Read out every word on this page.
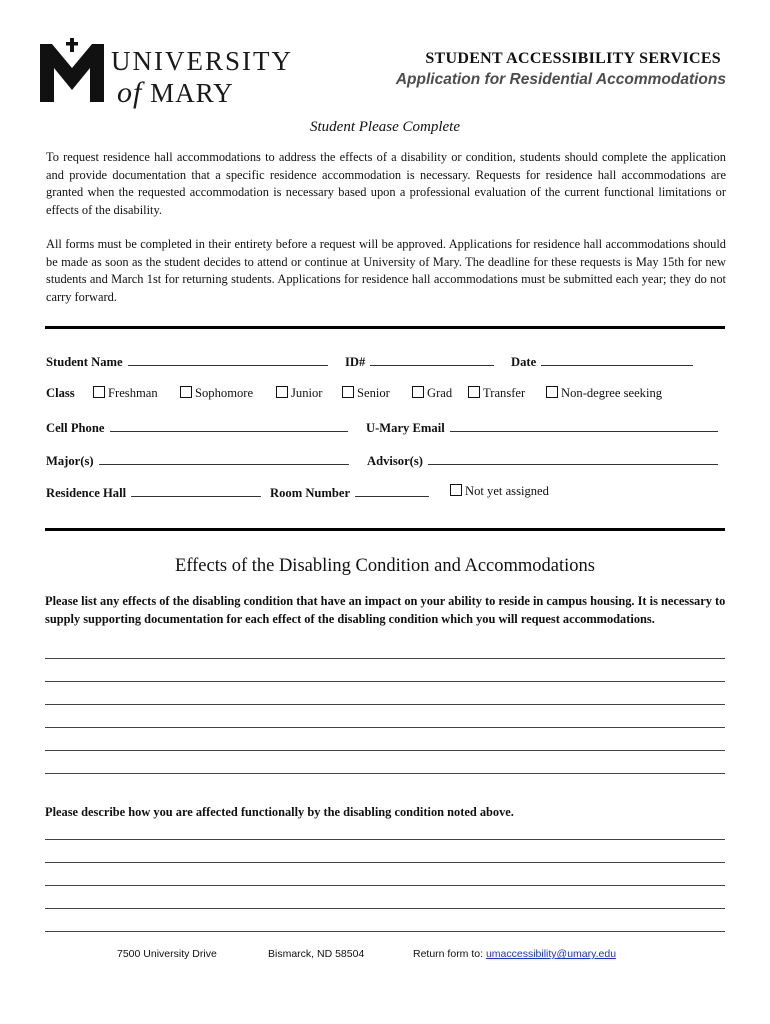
UNIVERSITY
of MARY
STUDENT ACCESSIBILITY SERVICES
Application for Residential Accommodations
Student Please Complete
To request residence hall accommodations to address the effects of a disability or condition, students should complete the application and provide documentation that a specific residence accommodation is necessary. Requests for residence hall accommodations are granted when the requested accommodation is necessary based upon a professional evaluation of the current functional limitations or effects of the disability.
All forms must be completed in their entirety before a request will be approved. Applications for residence hall accommodations should be made as soon as the student decides to attend or continue at University of Mary. The deadline for these requests is May 15th for new students and March 1st for returning students. Applications for residence hall accommodations must be submitted each year; they do not carry forward.
Student Name	ID#	Date
Class	Freshman	Sophomore	Junior	Senior	Grad	Transfer	Non-degree seeking
Cell Phone	U-Mary Email
Major(s)	Advisor(s)
Residence Hall	Room Number	Not yet assigned
Effects of the Disabling Condition and Accommodations
Please list any effects of the disabling condition that have an impact on your ability to reside in campus housing. It is necessary to supply supporting documentation for each effect of the disabling condition which you will request accommodations.
Please describe how you are affected functionally by the disabling condition noted above.
7500 University Drive	Bismarck, ND 58504	Return form to: umaccessibility@umary.edu
